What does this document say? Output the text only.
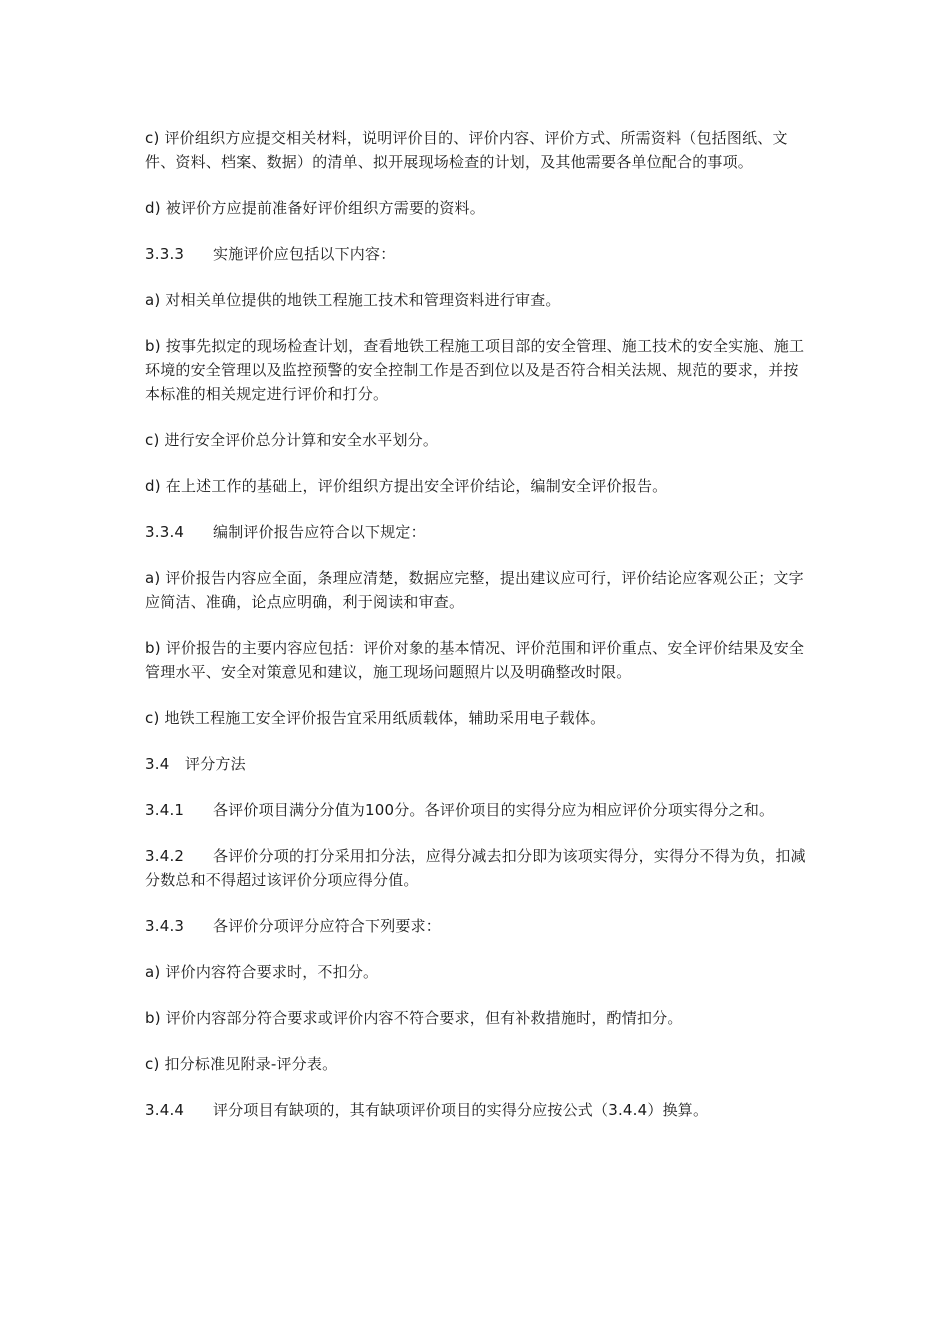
c) 评价组织方应提交相关材料，说明评价目的、评价内容、评价方式、所需资料（包括图纸、文件、资料、档案、数据）的清单、拟开展现场检查的计划，及其他需要各单位配合的事项。

d) 被评价方应提前准备好评价组织方需要的资料。

3.3.3 实施评价应包括以下内容：

a) 对相关单位提供的地铁工程施工技术和管理资料进行审查。

b) 按事先拟定的现场检查计划，查看地铁工程施工项目部的安全管理、施工技术的安全实施、施工环境的安全管理以及监控预警的安全控制工作是否到位以及是否符合相关法规、规范的要求，并按本标准的相关规定进行评价和打分。

c) 进行安全评价总分计算和安全水平划分。

d) 在上述工作的基础上，评价组织方提出安全评价结论，编制安全评价报告。

3.3.4 编制评价报告应符合以下规定：

a) 评价报告内容应全面，条理应清楚，数据应完整，提出建议应可行，评价结论应客观公正；文字应简洁、准确，论点应明确，利于阅读和审查。

b) 评价报告的主要内容应包括：评价对象的基本情况、评价范围和评价重点、安全评价结果及安全管理水平、安全对策意见和建议，施工现场问题照片以及明确整改时限。

c) 地铁工程施工安全评价报告宜采用纸质载体，辅助采用电子载体。

3.4 评分方法

3.4.1 各评价项目满分分值为100分。各评价项目的实得分应为相应评价分项实得分之和。

3.4.2 各评价分项的打分采用扣分法，应得分减去扣分即为该项实得分，实得分不得为负，扣减分数总和不得超过该评价分项应得分值。

3.4.3 各评价分项评分应符合下列要求：

a) 评价内容符合要求时，不扣分。

b) 评价内容部分符合要求或评价内容不符合要求，但有补救措施时，酌情扣分。

c) 扣分标准见附录-评分表。

3.4.4 评分项目有缺项的，其有缺项评价项目的实得分应按公式（3.4.4）换算。
